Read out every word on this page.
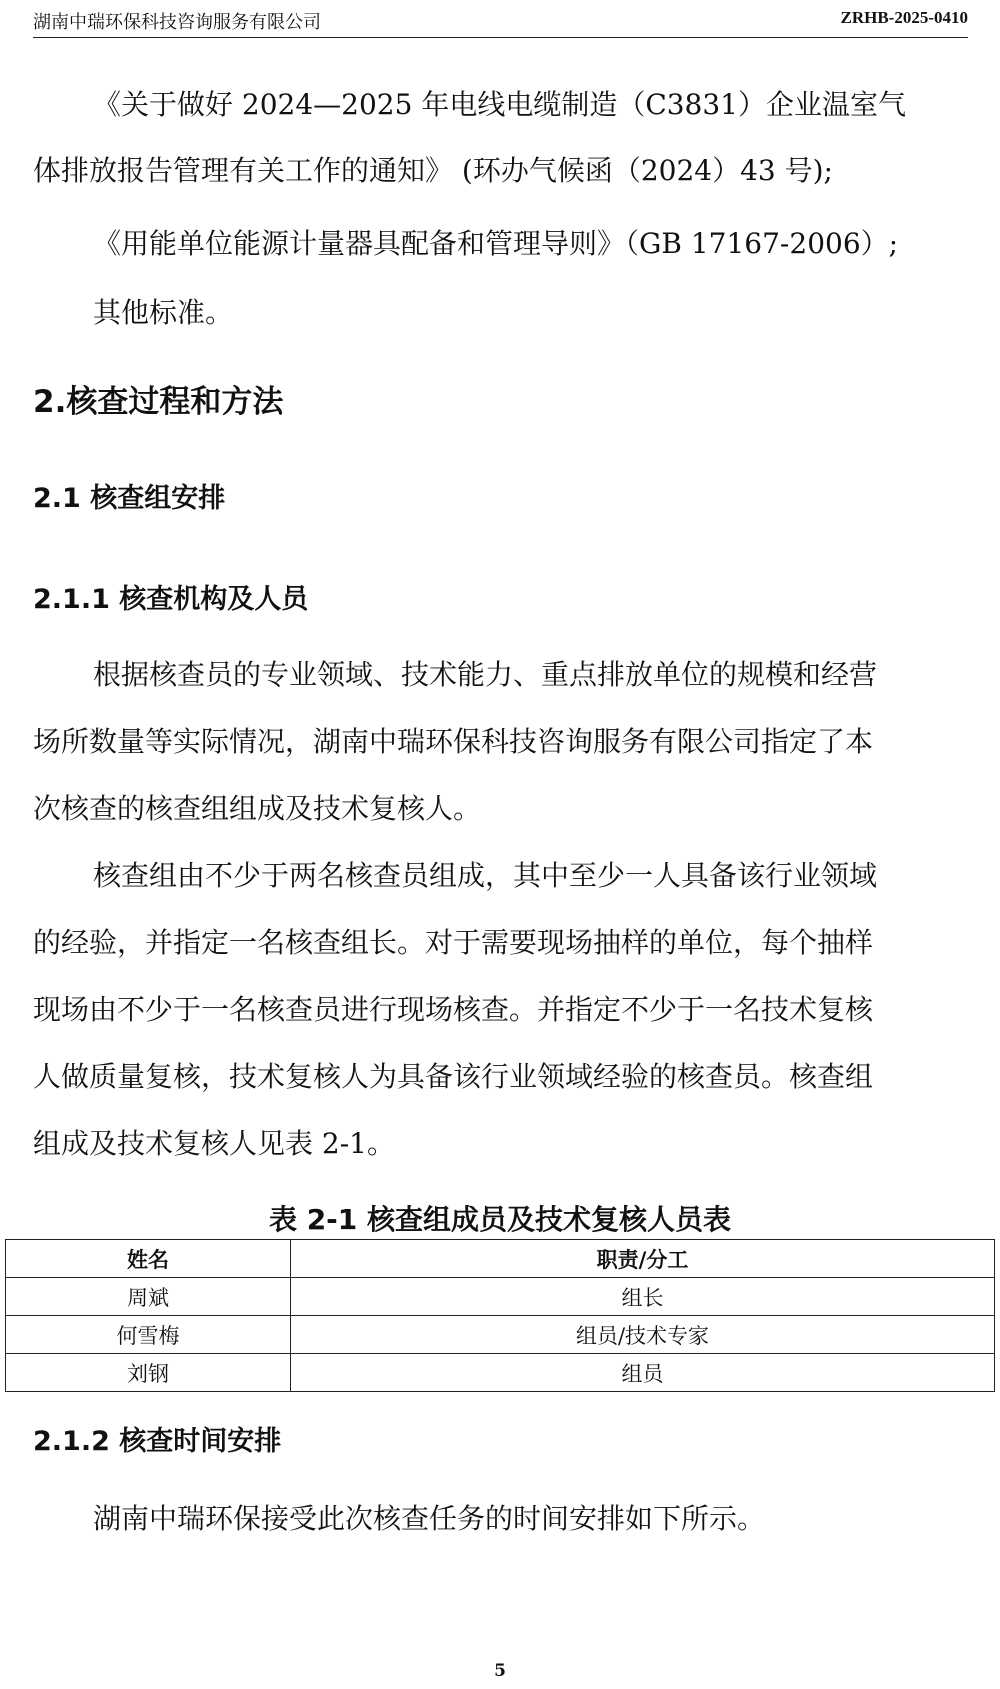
湖南中瑞环保科技咨询服务有限公司	ZRHB-2025-0410
《关于做好 2024—2025 年电线电缆制造（C3831）企业温室气
体排放报告管理有关工作的通知》 (环办气候函（2024）43 号);
《用能单位能源计量器具配备和管理导则》（GB 17167-2006）;
其他标准。
2.核查过程和方法
2.1 核查组安排
2.1.1 核查机构及人员
根据核查员的专业领域、技术能力、重点排放单位的规模和经营
场所数量等实际情况，湖南中瑞环保科技咨询服务有限公司指定了本
次核查的核查组组成及技术复核人。
核查组由不少于两名核查员组成，其中至少一人具备该行业领域
的经验，并指定一名核查组长。对于需要现场抽样的单位，每个抽样
现场由不少于一名核查员进行现场核查。并指定不少于一名技术复核
人做质量复核，技术复核人为具备该行业领域经验的核查员。核查组
组成及技术复核人见表 2-1。
表 2-1 核查组成员及技术复核人员表
姓名	职责/分工
周斌	组长
何雪梅	组员/技术专家
刘钢	组员
2.1.2 核查时间安排
湖南中瑞环保接受此次核查任务的时间安排如下所示。
5
